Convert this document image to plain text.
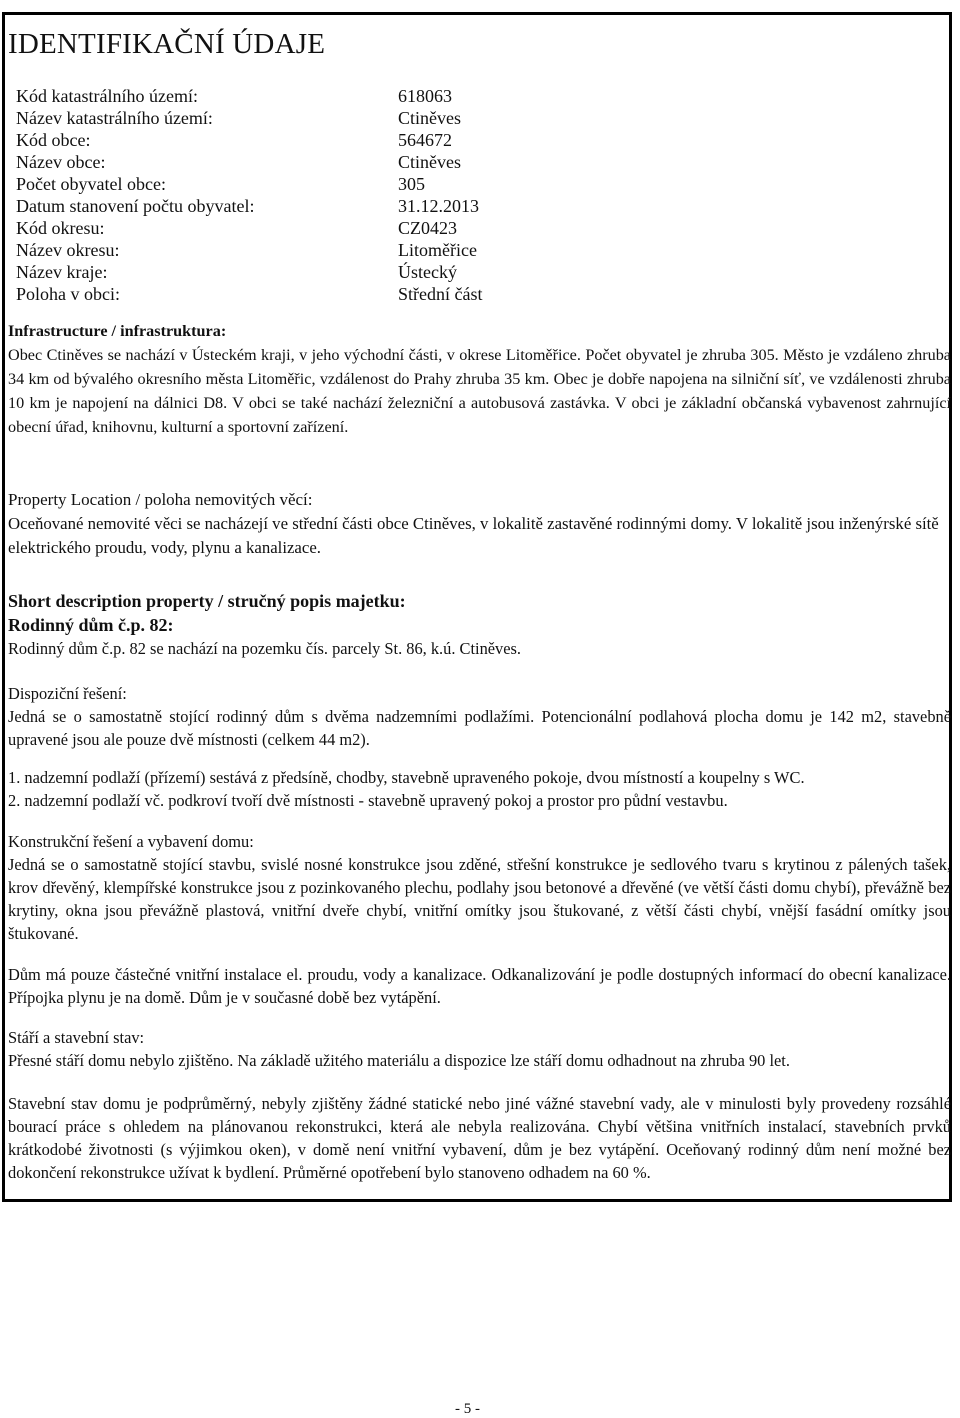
IDENTIFIKAČNÍ ÚDAJE
Kód katastrálního území:	618063
Název katastrálního území:	Ctiněves
Kód obce:	564672
Název obce:	Ctiněves
Počet obyvatel obce:	305
Datum stanovení počtu obyvatel:	31.12.2013
Kód okresu:	CZ0423
Název okresu:	Litoměřice
Název kraje:	Ústecký
Poloha v obci:	Střední část

Infrastructure / infrastruktura:

Obec Ctiněves se nachází v Ústeckém kraji, v jeho východní části, v okrese Litoměřice. Počet obyvatel je zhruba 305. Město je vzdáleno zhruba 34 km od bývalého okresního města Litoměřic, vzdálenost do Prahy zhruba 35 km. Obec je dobře napojena na silniční síť, ve vzdálenosti zhruba 10 km je napojení na dálnici D8. V obci se také nachází železniční a autobusová zastávka. V obci je základní občanská vybavenost zahrnující obecní úřad, knihovnu, kulturní a sportovní zařízení.

Property Location / poloha nemovitých věcí:

Oceňované nemovité věci se nacházejí ve střední části obce Ctiněves, v lokalitě zastavěné rodinnými domy. V lokalitě jsou inženýrské sítě elektrického proudu, vody, plynu a kanalizace.

Short description property / stručný popis majetku:

Rodinný dům č.p. 82:

Rodinný dům č.p. 82 se nachází na pozemku čís. parcely St. 86, k.ú. Ctiněves.

Dispoziční řešení:

Jedná se o samostatně stojící rodinný dům s dvěma nadzemními podlažími. Potencionální podlahová plocha domu je 142 m2, stavebně upravené jsou ale pouze dvě místnosti (celkem 44 m2).

1. nadzemní podlaží (přízemí) sestává z předsíně, chodby, stavebně upraveného pokoje, dvou místností a koupelny s WC.

2. nadzemní podlaží vč. podkroví tvoří dvě místnosti - stavebně upravený pokoj a prostor pro půdní vestavbu.

Konstrukční řešení a vybavení domu:

Jedná se o samostatně stojící stavbu, svislé nosné konstrukce jsou zděné, střešní konstrukce je sedlového tvaru s krytinou z pálených tašek, krov dřevěný, klempířské konstrukce jsou z pozinkovaného plechu, podlahy jsou betonové a dřevěné (ve větší části domu chybí), převážně bez krytiny, okna jsou převážně plastová, vnitřní dveře chybí, vnitřní omítky jsou štukované, z větší části chybí, vnější fasádní omítky jsou štukované.

Dům má pouze částečné vnitřní instalace el. proudu, vody a kanalizace. Odkanalizování je podle dostupných informací do obecní kanalizace. Přípojka plynu je na domě. Dům je v současné době bez vytápění.

Stáří a stavební stav:

Přesné stáří domu nebylo zjištěno. Na základě užitého materiálu a dispozice lze stáří domu odhadnout na zhruba 90 let.

Stavební stav domu je podprůměrný, nebyly zjištěny žádné statické nebo jiné vážné stavební vady, ale v minulosti byly provedeny rozsáhlé bourací práce s ohledem na plánovanou rekonstrukci, která ale nebyla realizována. Chybí většina vnitřních instalací, stavebních prvků krátkodobé životnosti (s výjimkou oken), v domě není vnitřní vybavení, dům je bez vytápění. Oceňovaný rodinný dům není možné bez dokončení rekonstrukce užívat k bydlení. Průměrné opotřebení bylo stanoveno odhadem na 60 %.

- 5 -
